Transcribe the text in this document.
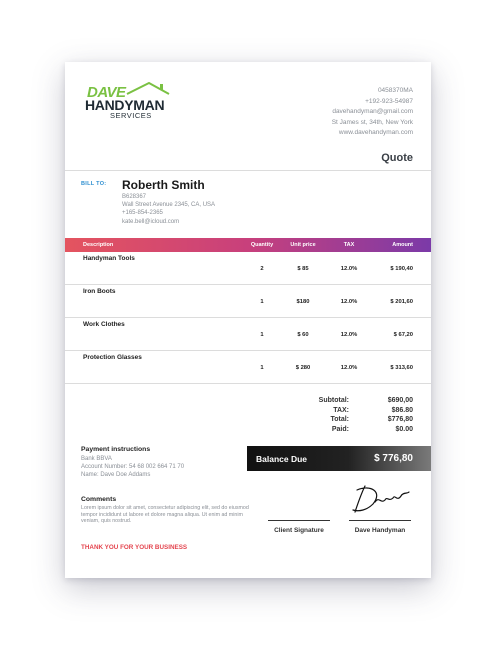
DAVE
HANDYMAN
SERVICES
0458370MA
+192-923-54987
davehandyman@gmail.com
St James st, 34th, New York
www.davehandyman.com
Quote
BILL TO: Roberth Smith
B628367
Wall Street Avenue 2345, CA, USA
+165-854-2365
kate.bell@icloud.com
Description	Quantity	Unit price	TAX	Amount
Handyman Tools
2	$ 85	12.0%	$ 190,40
Iron Boots
1	$180	12.0%	$ 201,60
Work Clothes
1	$ 60	12.0%	$ 67,20
Protection Glasses
1	$ 280	12.0%	$ 313,60
Subtotal:	$690,00
TAX:	$86.80
Total:	$776,80
Paid:	$0.00
Payment instructions
Bank BBVA
Account Number: 54 68 002 664 71 70
Name: Dave Doe Addams
Balance Due	$ 776,80
Comments
Lorem ipsum dolor sit amet, consectetur adipiscing elit, sed do eiusmod tempor incididunt ut labore et dolore magna aliqua. Ut enim ad minim veniam, quis nostrud.
THANK YOU FOR YOUR BUSINESS
Client Signature	Dave Handyman
